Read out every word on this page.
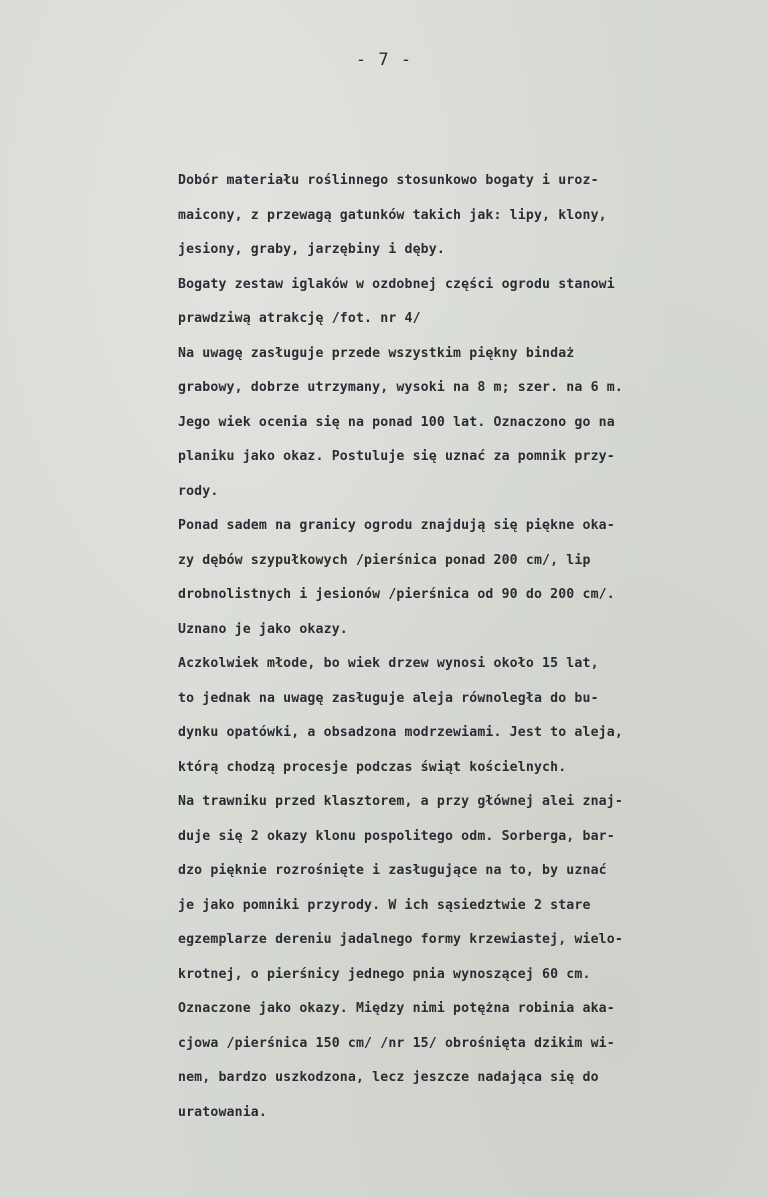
- 7 -
Dobór materiału roślinnego stosunkowo bogaty i uroz-
maicony, z przewagą gatunków takich jak: lipy, klony,
jesiony, graby, jarzębiny i dęby.
Bogaty zestaw iglaków w ozdobnej części ogrodu stanowi
prawdziwą atrakcję /fot. nr 4/
Na uwagę zasługuje przede wszystkim piękny bindaż
grabowy, dobrze utrzymany, wysoki na 8 m; szer. na 6 m.
Jego wiek ocenia się na ponad 100 lat. Oznaczono go na
planiku jako okaz. Postuluje się uznać za pomnik przy-
rody.
Ponad sadem na granicy ogrodu znajdują się piękne oka-
zy dębów szypułkowych /pierśnica ponad 200 cm/, lip
drobnolistnych i jesionów /pierśnica od 90 do 200 cm/.
Uznano je jako okazy.
Aczkolwiek młode, bo wiek drzew wynosi około 15 lat,
to jednak na uwagę zasługuje aleja równoległa do bu-
dynku opatówki, a obsadzona modrzewiami. Jest to aleja,
którą chodzą procesje podczas świąt kościelnych.
Na trawniku przed klasztorem, a przy głównej alei znaj-
duje się 2 okazy klonu pospolitego odm. Sorberga, bar-
dzo pięknie rozrośnięte i zasługujące na to, by uznać
je jako pomniki przyrody. W ich sąsiedztwie 2 stare
egzemplarze dereniu jadalnego formy krzewiastej, wielo-
krotnej, o pierśnicy jednego pnia wynoszącej 60 cm.
Oznaczone jako okazy. Między nimi potężna robinia aka-
cjowa /pierśnica 150 cm/ /nr 15/ obrośnięta dzikim wi-
nem, bardzo uszkodzona, lecz jeszcze nadająca się do
uratowania.
